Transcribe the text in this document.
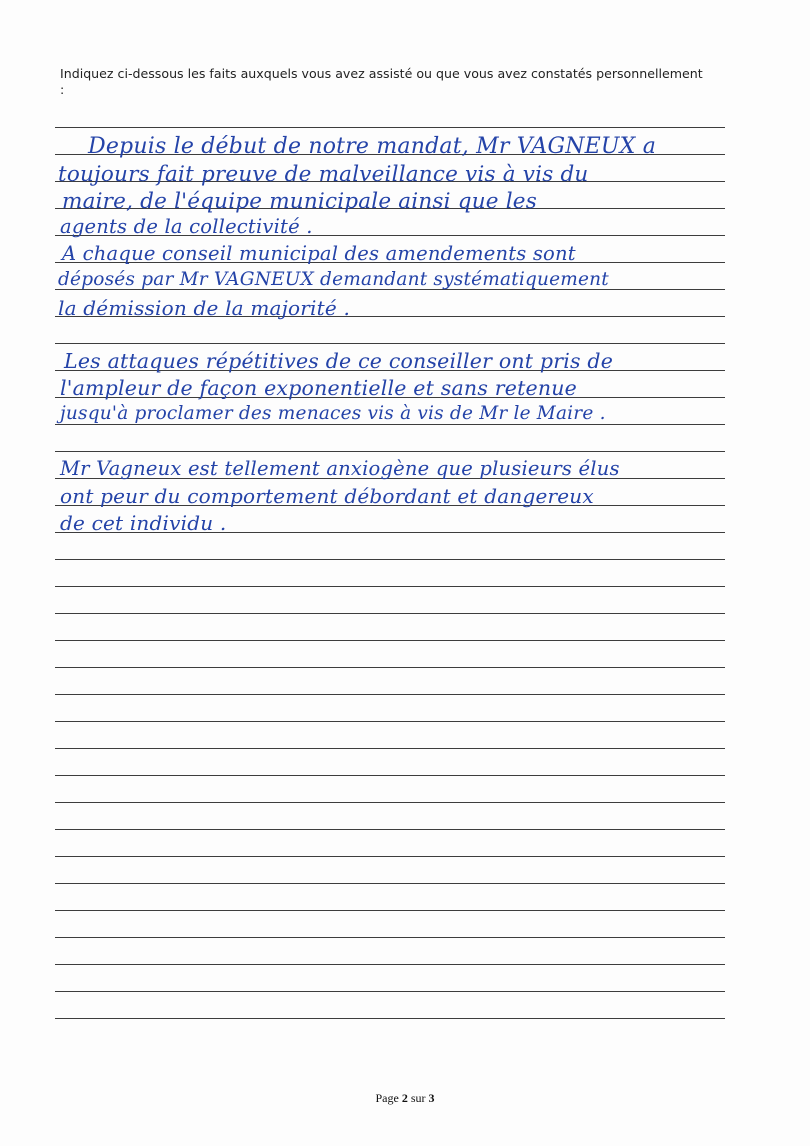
Indiquez ci-dessous les faits auxquels vous avez assisté ou que vous avez constatés personnellement :
Depuis le début de notre mandat, Mr VAGNEUX a
toujours fait preuve de malveillance vis à vis du
maire, de l'équipe municipale ainsi que les
agents de la collectivité .
A chaque conseil municipal des amendements sont
déposés par Mr VAGNEUX demandant systématiquement
la démission de la majorité .
Les attaques répétitives de ce conseiller ont pris de
l'ampleur de façon exponentielle et sans retenue
jusqu'à proclamer des menaces vis à vis de Mr le Maire .
Mr Vagneux est tellement anxiogène que plusieurs élus
ont peur du comportement débordant et dangereux
de cet individu .
Page 2 sur 3
